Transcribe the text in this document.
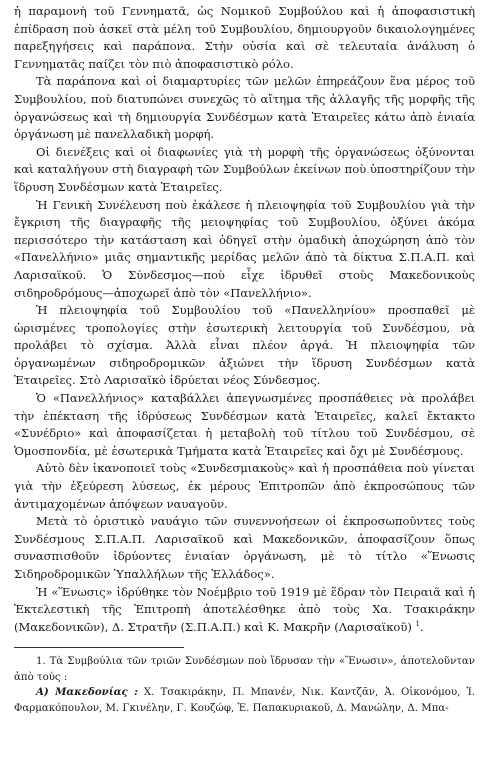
ἡ παραμονὴ τοῦ Γεννηματᾶ, ὡς Νομικοῦ Συμβούλου καὶ ἡ ἀποφασιστικὴ ἐπίδραση ποὺ ἀσκεῖ στὰ μέλη τοῦ Συμβουλίου, δημιουργοῦν δικαιολογημένες παρεξηγήσεις καὶ παράπονα. Στὴν οὐσία καὶ σὲ τελευταία ἀνάλυση ὁ Γεννηματᾶς παίζει τὸν πιὸ ἀποφασιστικὸ ρόλο.

Τὰ παράπονα καὶ οἱ διαμαρτυρίες τῶν μελῶν ἐπηρεάζουν ἕνα μέρος τοῦ Συμβουλίου, ποὺ διατυπώνει συνεχῶς τὸ αἴτημα τῆς ἀλλαγῆς τῆς μορφῆς τῆς ὀργανώσεως καὶ τὴ δημιουργία Συνδέσμων κατὰ Ἑταιρεῖες κάτω ἀπὸ ἑνιαία ὀργάνωση μὲ πανελλαδικὴ μορφή.

Οἱ διενέξεις καὶ οἱ διαφωνίες γιὰ τὴ μορφὴ τῆς ὀργανώσεως ὀξύνονται καὶ καταλήγουν στὴ διαγραφὴ τῶν Συμβούλων ἐκείνων ποὺ ὑποστηρίζουν τὴν ἵδρυση Συνδέσμων κατὰ Ἑταιρεῖες.

Ἡ Γενικὴ Συνέλευση ποὺ ἐκάλεσε ἡ πλειοψηφία τοῦ Συμβουλίου γιὰ τὴν ἔγκριση τῆς διαγραφῆς τῆς μειοψηφίας τοῦ Συμβουλίου, ὀξύνει ἀκόμα περισσότερο τὴν κατάσταση καὶ ὁδηγεῖ στὴν ὁμαδικὴ ἀποχώρηση ἀπὸ τὸν «Πανελλήνιο» μιᾶς σημαντικῆς μερίδας μελῶν ἀπὸ τὰ δίκτυα Σ.Π.Α.Π. καὶ Λαρισαϊκοῦ. Ὁ Σύνδεσμος—ποὺ εἶχε ἱδρυθεῖ στοὺς Μακεδονικοὺς σιδηροδρόμους—ἀποχωρεῖ ἀπὸ τὸν «Πανελλήνιο».

Ἡ πλειοψηφία τοῦ Συμβουλίου τοῦ «Πανελληνίου» προσπαθεῖ μὲ ὡρισμένες τροπολογίες στὴν ἐσωτερικὴ λειτουργία τοῦ Συνδέσμου, νὰ προλάβει τὸ σχίσμα. Ἀλλὰ εἶναι πλέον ἀργά. Ἡ πλειοψηφία τῶν ὀργανωμένων σιδηροδρομικῶν ἀξιώνει τὴν ἵδρυση Συνδέσμων κατὰ Ἑταιρεῖες. Στὸ Λαρισαϊκὸ ἱδρύεται νέος Σύνδεσμος.

Ὁ «Πανελλήνιος» καταβάλλει ἀπεγνωσμένες προσπάθειες νὰ προλάβει τὴν ἐπέκταση τῆς ἱδρύσεως Συνδέσμων κατὰ Ἑταιρεῖες, καλεῖ ἔκτακτο «Συνέδριο» καὶ ἀποφασίζεται ἡ μεταβολὴ τοῦ τίτλου τοῦ Συνδέσμου, σὲ Ὁμοσπονδία, μὲ ἐσωτερικὰ Τμήματα κατὰ Ἑταιρεῖες καὶ ὄχι μὲ Συνδέσμους.

Αὐτὸ δὲν ἱκανοποιεῖ τοὺς «Συνδεσμιακοὺς» καὶ ἡ προσπάθεια ποὺ γίνεται γιὰ τὴν ἐξεύρεση λύσεως, ἐκ μέρους Ἐπιτροπῶν ἀπὸ ἐκπροσώπους τῶν ἀντιμαχομένων ἀπόψεων ναυαγοῦν.

Μετὰ τὸ ὁριστικὸ ναυάγιο τῶν συνεννοήσεων οἱ ἐκπροσωποῦντες τοὺς Συνδέσμους Σ.Π.Α.Π. Λαρισαϊκοῦ καὶ Μακεδονικῶν, ἀποφασίζουν ὅπως συνασπισθοῦν ἱδρύοντες ἑνιαίαν ὀργάνωση, μὲ τὸ τίτλο «Ἕνωσις Σιδηροδρομικῶν Ὑπαλλήλων τῆς Ἑλλάδος».

Ἡ «Ἕνωσις» ἱδρύθηκε τὸν Νοέμβριο τοῦ 1919 μὲ ἕδραν τὸν Πειραιᾶ καὶ ἡ Ἐκτελεστικὴ τῆς Ἐπιτροπὴ ἀποτελέσθηκε ἀπὸ τοὺς Χα. Τσακιράκην (Μακεδονικῶν), Δ. Στρατῆν (Σ.Π.Α.Π.) καὶ Κ. Μακρῆν (Λαρισαϊκοῦ) $^1$.

1. Τὰ Συμβούλια τῶν τριῶν Συνδέσμων ποὺ ἵδρυσαν τὴν «Ἕνωσιν», ἀποτελοῦνταν ἀπὸ τούς :

Α) Μακεδονίας : Χ. Τσακιράκην, Π. Μπανέν, Νικ. Καντζᾶν, Ἀ. Οἰκονόμου, Ἰ. Φαρμακόπουλον, Μ. Γκινέλην, Γ. Κουζώφ, Ἐ. Παπακυριακοῦ, Δ. Μανώλην, Δ. Μπα-
